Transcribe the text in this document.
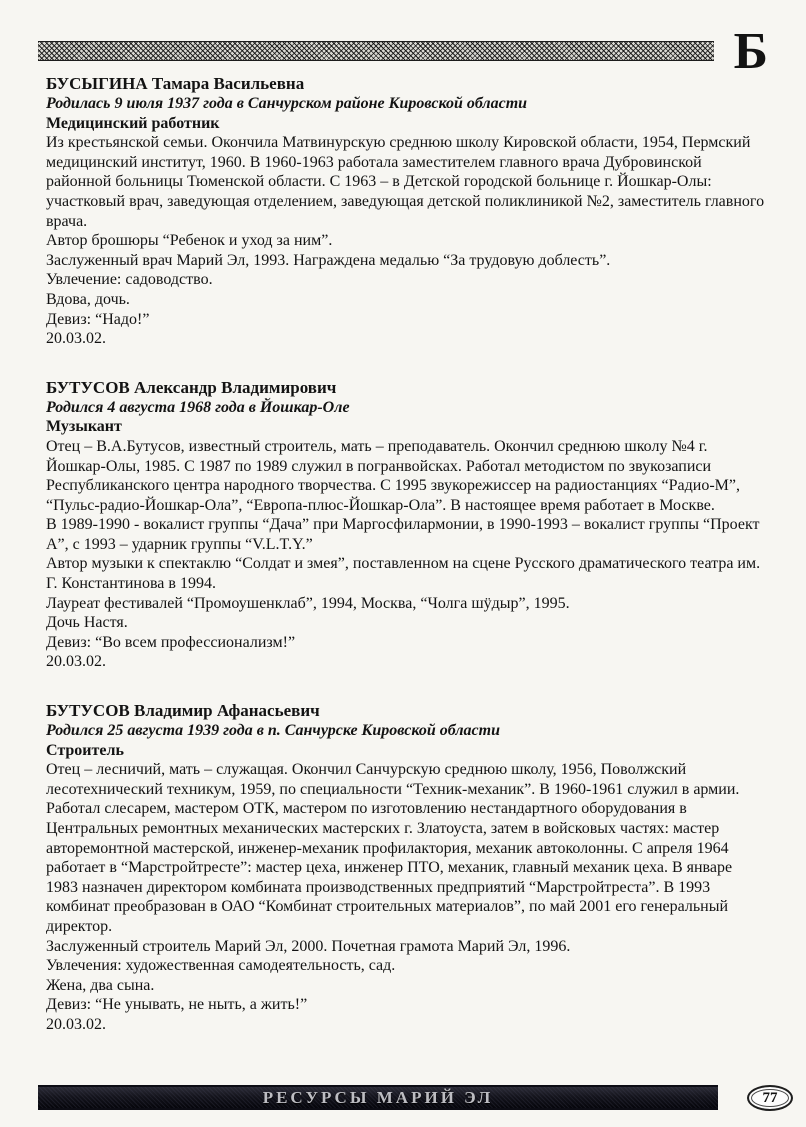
Б
БУСЫГИНА Тамара Васильевна

Родилась 9 июля 1937 года в Санчурском районе Кировской области

Медицинский работник

Из крестьянской семьи. Окончила Матвинурскую среднюю школу Кировской области, 1954, Пермский медицинский институт, 1960. В 1960-1963 работала заместителем главного врача Дубровинской районной больницы Тюменской области. С 1963 – в Детской городской больнице г. Йошкар-Олы: участковый врач, заведующая отделением, заведующая детской поликлиникой №2, заместитель главного врача.

Автор брошюры “Ребенок и уход за ним”.

Заслуженный врач Марий Эл, 1993. Награждена медалью “За трудовую доблесть”.

Увлечение: садоводство.

Вдова, дочь.

Девиз: “Надо!”

20.03.02.

БУТУСОВ Александр Владимирович

Родился 4 августа 1968 года в Йошкар-Оле

Музыкант

Отец – В.А.Бутусов, известный строитель, мать – преподаватель. Окончил среднюю школу №4 г. Йошкар-Олы, 1985. С 1987 по 1989 служил в погранвойсках. Работал методистом по звукозаписи Республиканского центра народного творчества. С 1995 звукорежиссер на радиостанциях “Радио-М”, “Пульс-радио-Йошкар-Ола”, “Европа-плюс-Йошкар-Ола”. В настоящее время работает в Москве.

В 1989-1990 - вокалист группы “Дача” при Маргосфилармонии, в 1990-1993 – вокалист группы “Проект А”, с 1993 – ударник группы “V.L.T.Y.”

Автор музыки к спектаклю “Солдат и змея”, поставленном на сцене Русского драматического театра им. Г. Константинова в 1994.

Лауреат фестивалей “Промоушенклаб”, 1994, Москва, “Чолга шӱдыр”, 1995.

Дочь Настя.

Девиз: “Во всем профессионализм!”

20.03.02.

БУТУСОВ Владимир Афанасьевич

Родился 25 августа 1939 года в п. Санчурске Кировской области

Строитель

Отец – лесничий, мать – служащая. Окончил Санчурскую среднюю школу, 1956, Поволжский лесотехнический техникум, 1959, по специальности “Техник-механик”. В 1960-1961 служил в армии. Работал слесарем, мастером ОТК, мастером по изготовлению нестандартного оборудования в Центральных ремонтных механических мастерских г. Златоуста, затем в войсковых частях: мастер авторемонтной мастерской, инженер-механик профилактория, механик автоколонны. С апреля 1964 работает в “Марстройтресте”: мастер цеха, инженер ПТО, механик, главный механик цеха. В январе 1983 назначен директором комбината производственных предприятий “Марстройтреста”. В 1993 комбинат преобразован в ОАО “Комбинат строительных материалов”, по май 2001 его генеральный директор.

Заслуженный строитель Марий Эл, 2000. Почетная грамота Марий Эл, 1996.

Увлечения: художественная самодеятельность, сад.

Жена, два сына.

Девиз: “Не унывать, не ныть, а жить!”

20.03.02.

РЕСУРСЫ МАРИЙ ЭЛ	77
